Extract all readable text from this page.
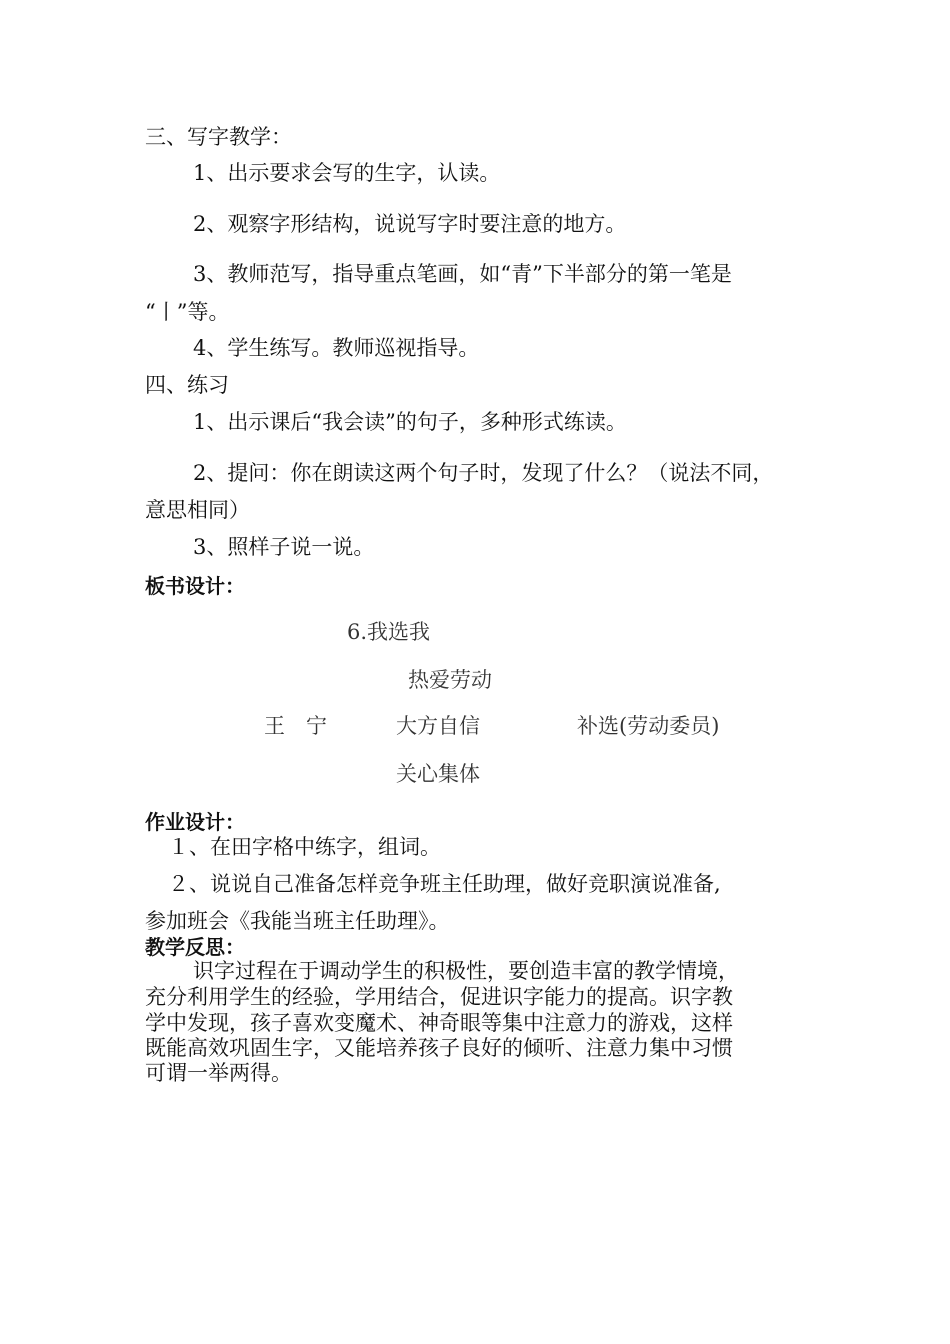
三、写字教学：
1、出示要求会写的生字，认读。
2、观察字形结构，说说写字时要注意的地方。
3、教师范写，指导重点笔画，如“青”下半部分的第一笔是
“丨”等。
4、学生练写。教师巡视指导。
四、练习
1、出示课后“我会读”的句子，多种形式练读。
2、提问：你在朗读这两个句子时，发现了什么？（说法不同，
意思相同）
3、照样子说一说。
板书设计：
6.我选我
热爱劳动
王　宁	大方自信	补选(劳动委员)
关心集体
作业设计：
１、在田字格中练字，组词。
２、说说自己准备怎样竞争班主任助理，做好竞职演说准备,
参加班会《我能当班主任助理》。
教学反思：
识字过程在于调动学生的积极性，要创造丰富的教学情境，
充分利用学生的经验，学用结合，促进识字能力的提高。识字教
学中发现，孩子喜欢变魔术、神奇眼等集中注意力的游戏，这样
既能高效巩固生字，又能培养孩子良好的倾听、注意力集中习惯
可谓一举两得。
